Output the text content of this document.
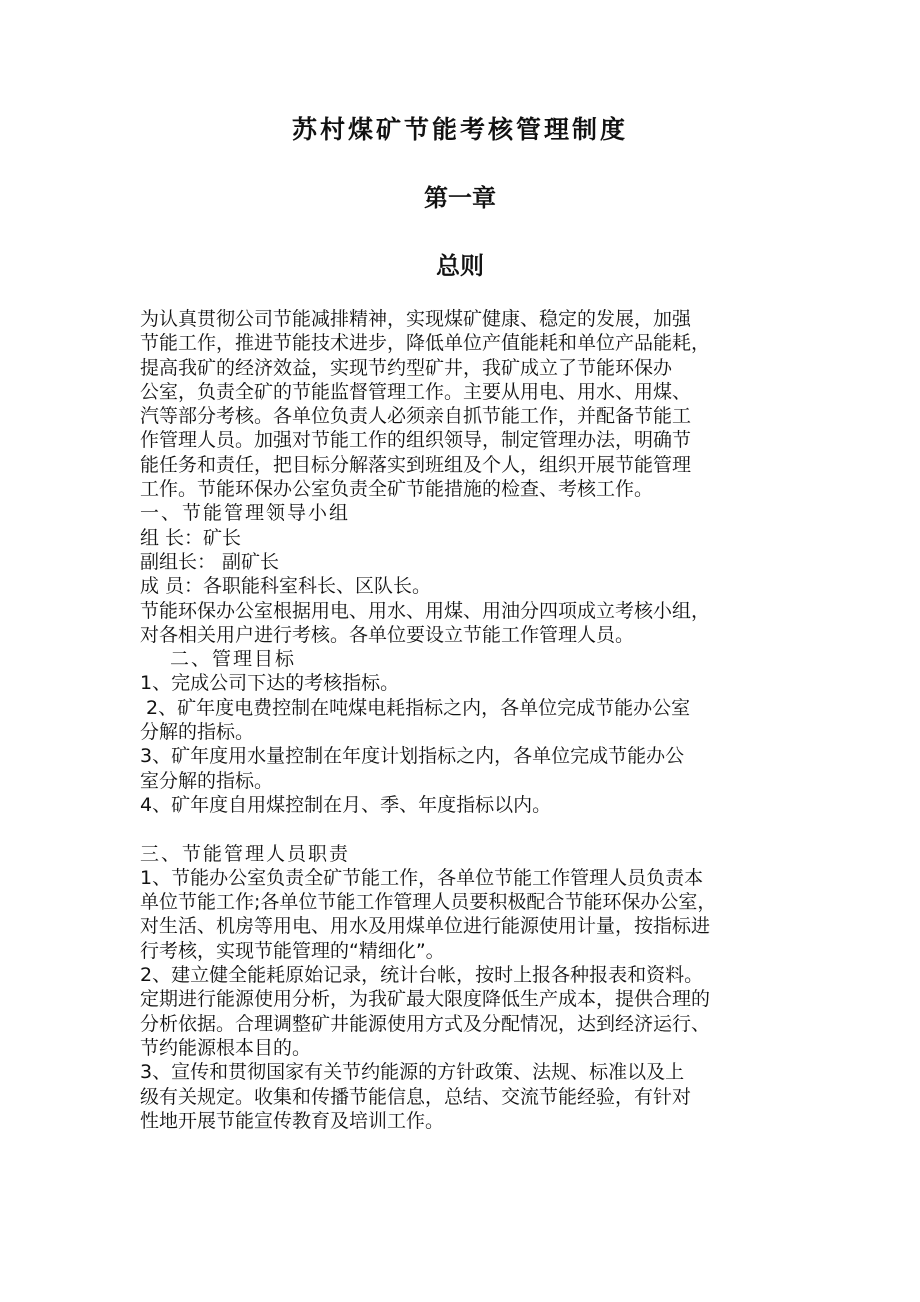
苏村煤矿节能考核管理制度
第一章
总则
为认真贯彻公司节能减排精神，实现煤矿健康、稳定的发展，加强
节能工作，推进节能技术进步，降低单位产值能耗和单位产品能耗，
提高我矿的经济效益，实现节约型矿井，我矿成立了节能环保办
公室，负责全矿的节能监督管理工作。主要从用电、用水、用煤、
汽等部分考核。各单位负责人必须亲自抓节能工作，并配备节能工
作管理人员。加强对节能工作的组织领导，制定管理办法，明确节
能任务和责任，把目标分解落实到班组及个人，组织开展节能管理
工作。节能环保办公室负责全矿节能措施的检查、考核工作。
一、节能管理领导小组
组 长：矿长
副组长： 副矿长
成 员：各职能科室科长、区队长。
节能环保办公室根据用电、用水、用煤、用油分四项成立考核小组，
对各相关用户进行考核。各单位要设立节能工作管理人员。
二、管理目标
1、完成公司下达的考核指标。
2、矿年度电费控制在吨煤电耗指标之内，各单位完成节能办公室
分解的指标。
3、矿年度用水量控制在年度计划指标之内，各单位完成节能办公
室分解的指标。
4、矿年度自用煤控制在月、季、年度指标以内。
三、节能管理人员职责
1、节能办公室负责全矿节能工作，各单位节能工作管理人员负责本
单位节能工作;各单位节能工作管理人员要积极配合节能环保办公室，
对生活、机房等用电、用水及用煤单位进行能源使用计量，按指标进
行考核，实现节能管理的“精细化”。
2、建立健全能耗原始记录，统计台帐，按时上报各种报表和资料。
定期进行能源使用分析，为我矿最大限度降低生产成本，提供合理的
分析依据。合理调整矿井能源使用方式及分配情况，达到经济运行、
节约能源根本目的。
3、宣传和贯彻国家有关节约能源的方针政策、法规、标准以及上
级有关规定。收集和传播节能信息，总结、交流节能经验，有针对
性地开展节能宣传教育及培训工作。
